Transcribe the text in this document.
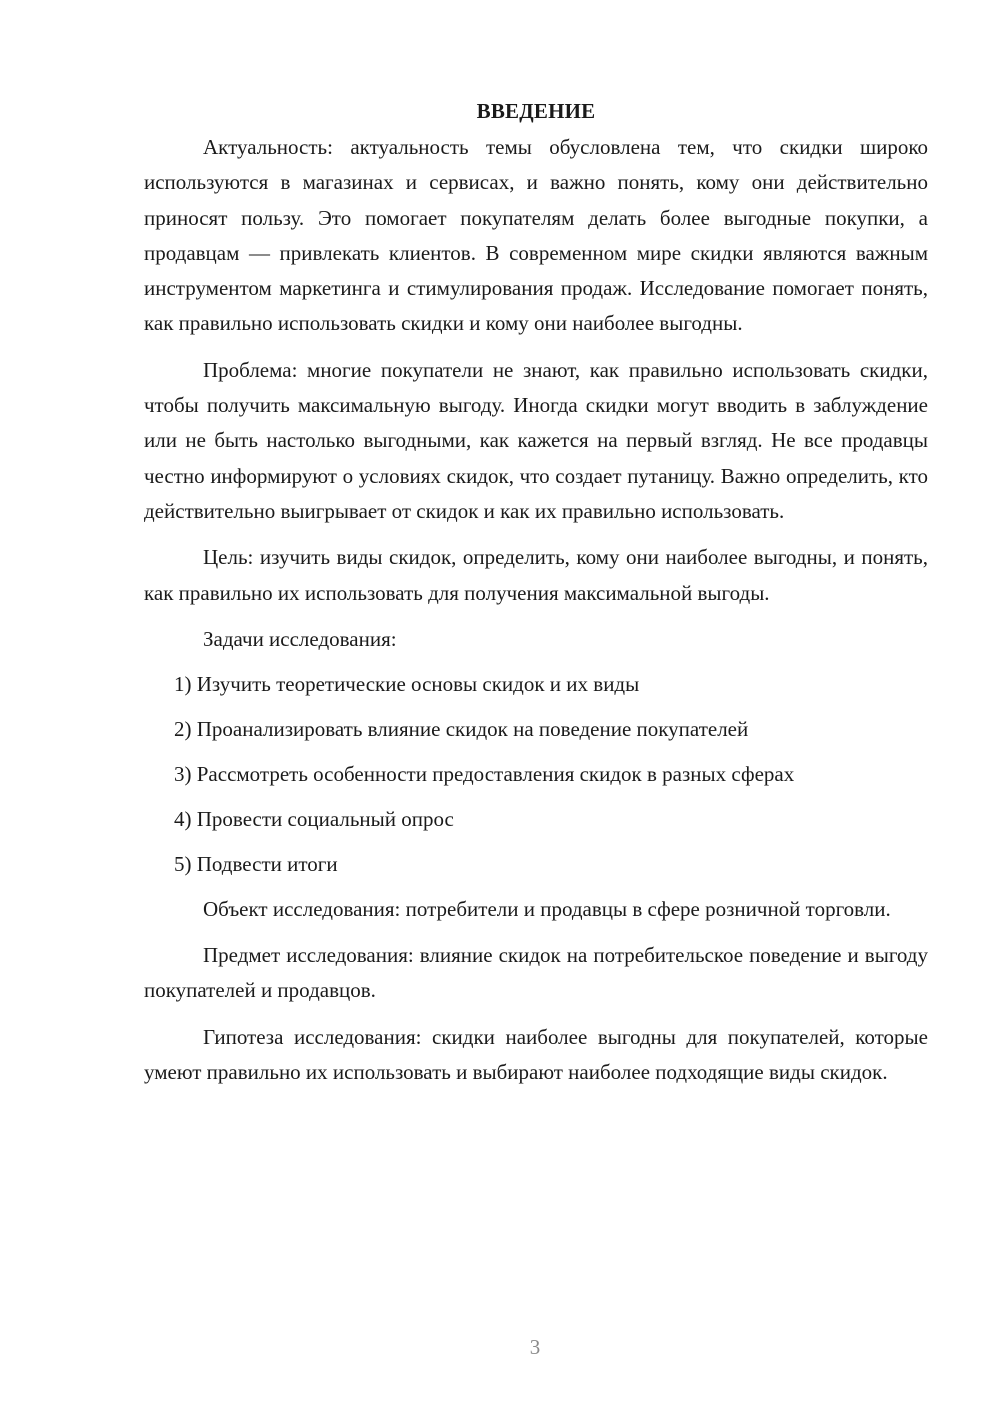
ВВЕДЕНИЕ

Актуальность: актуальность темы обусловлена тем, что скидки широко используются в магазинах и сервисах, и важно понять, кому они действительно приносят пользу. Это помогает покупателям делать более выгодные покупки, а продавцам — привлекать клиентов. В современном мире скидки являются важным инструментом маркетинга и стимулирования продаж. Исследование помогает понять, как правильно использовать скидки и кому они наиболее выгодны.

Проблема: многие покупатели не знают, как правильно использовать скидки, чтобы получить максимальную выгоду. Иногда скидки могут вводить в заблуждение или не быть настолько выгодными, как кажется на первый взгляд. Не все продавцы честно информируют о условиях скидок, что создает путаницу. Важно определить, кто действительно выигрывает от скидок и как их правильно использовать.

Цель: изучить виды скидок, определить, кому они наиболее выгодны, и понять, как правильно их использовать для получения максимальной выгоды.

Задачи исследования:
1) Изучить теоретические основы скидок и их виды
2) Проанализировать влияние скидок на поведение покупателей
3) Рассмотреть особенности предоставления скидок в разных сферах
4) Провести социальный опрос
5) Подвести итоги

Объект исследования: потребители и продавцы в сфере розничной торговли.

Предмет исследования: влияние скидок на потребительское поведение и выгоду покупателей и продавцов.

Гипотеза исследования: скидки наиболее выгодны для покупателей, которые умеют правильно их использовать и выбирают наиболее подходящие виды скидок.

3
